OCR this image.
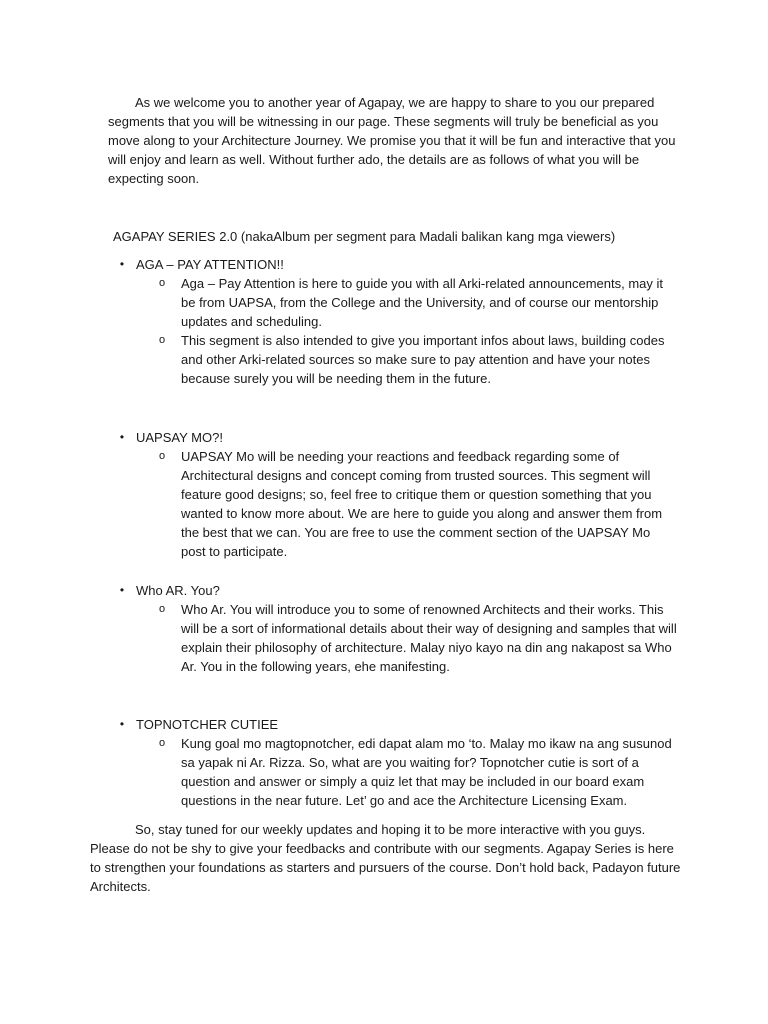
As we welcome you to another year of Agapay, we are happy to share to you our prepared segments that you will be witnessing in our page. These segments will truly be beneficial as you move along to your Architecture Journey. We promise you that it will be fun and interactive that you will enjoy and learn as well. Without further ado, the details are as follows of what you will be expecting soon.

AGAPAY SERIES 2.0 (nakaAlbum per segment para Madali balikan kang mga viewers)

• AGA – PAY ATTENTION!!
o Aga – Pay Attention is here to guide you with all Arki-related announcements, may it be from UAPSA, from the College and the University, and of course our mentorship updates and scheduling.
o This segment is also intended to give you important infos about laws, building codes and other Arki-related sources so make sure to pay attention and have your notes because surely you will be needing them in the future.
• UAPSAY MO?!
o UAPSAY Mo will be needing your reactions and feedback regarding some of Architectural designs and concept coming from trusted sources. This segment will feature good designs; so, feel free to critique them or question something that you wanted to know more about. We are here to guide you along and answer them from the best that we can. You are free to use the comment section of the UAPSAY Mo post to participate.
• Who AR. You?
o Who Ar. You will introduce you to some of renowned Architects and their works. This will be a sort of informational details about their way of designing and samples that will explain their philosophy of architecture. Malay niyo kayo na din ang nakapost sa Who Ar. You in the following years, ehe manifesting.
• TOPNOTCHER CUTIEE
o Kung goal mo magtopnotcher, edi dapat alam mo ‘to. Malay mo ikaw na ang susunod sa yapak ni Ar. Rizza. So, what are you waiting for? Topnotcher cutie is sort of a question and answer or simply a quiz let that may be included in our board exam questions in the near future. Let’ go and ace the Architecture Licensing Exam.

So, stay tuned for our weekly updates and hoping it to be more interactive with you guys. Please do not be shy to give your feedbacks and contribute with our segments. Agapay Series is here to strengthen your foundations as starters and pursuers of the course. Don’t hold back, Padayon future Architects.
